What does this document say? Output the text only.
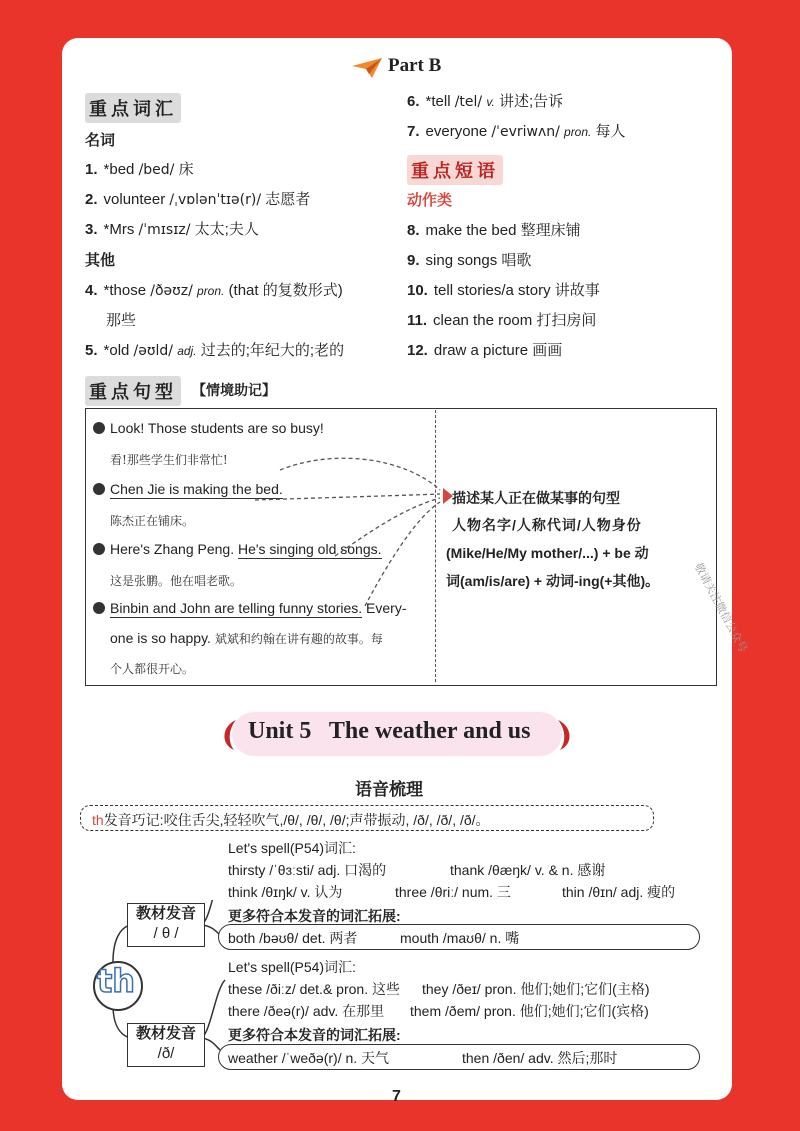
Part B
重点词汇
名词
1. *bed /bed/ 床
2. volunteer /ˌvɒlənˈtɪə(r)/ 志愿者
3. *Mrs /ˈmɪsɪz/ 太太;夫人
其他
4. *those /ðəʊz/ pron. (that 的复数形式)
那些
5. *old /əʊld/ adj. 过去的;年纪大的;老的
6. *tell /tel/ v. 讲述;告诉
7. everyone /ˈevriwʌn/ pron. 每人
重点短语
动作类
8. make the bed 整理床铺
9. sing songs 唱歌
10. tell stories/a story 讲故事
11. clean the room 打扫房间
12. draw a picture 画画
重点句型 【情境助记】
Look! Those students are so busy!
看!那些学生们非常忙!
Chen Jie is making the bed.
陈杰正在铺床。
Here's Zhang Peng. He's singing old songs.
这是张鹏。他在唱老歌。
Binbin and John are telling funny stories. Every-
one is so happy. 斌斌和约翰在讲有趣的故事。每
个人都很开心。
描述某人正在做某事的句型
人物名字/人称代词/人物身份
(Mike/He/My mother/...) + be 动
词(am/is/are) + 动词-ing(+其他)。
Unit 5   The weather and us
语音梳理
th发音巧记:咬住舌尖,轻轻吹气,/θ/, /θ/, /θ/;声带振动, /ð/, /ð/, /ð/。
Let's spell(P54)词汇:
thirsty /ˈθɜːsti/ adj. 口渴的	thank /θæŋk/ v. & n. 感谢
think /θɪŋk/ v. 认为	three /θriː/ num. 三	thin /θɪn/ adj. 瘦的
教材发音
/ θ /
更多符合本发音的词汇拓展:
both /bəʊθ/ det. 两者	mouth /maʊθ/ n. 嘴
th	Let's spell(P54)词汇:
these /ðiːz/ det.& pron. 这些 they /ðeɪ/ pron. 他们;她们;它们(主格)
there /ðeə(r)/ adv. 在那里 them /ðem/ pron. 他们;她们;它们(宾格)
教材发音
/ð/
更多符合本发音的词汇拓展:
weather /ˈweðə(r)/ n. 天气	then /ðen/ adv. 然后;那时
7
敬请关注微信公众号
